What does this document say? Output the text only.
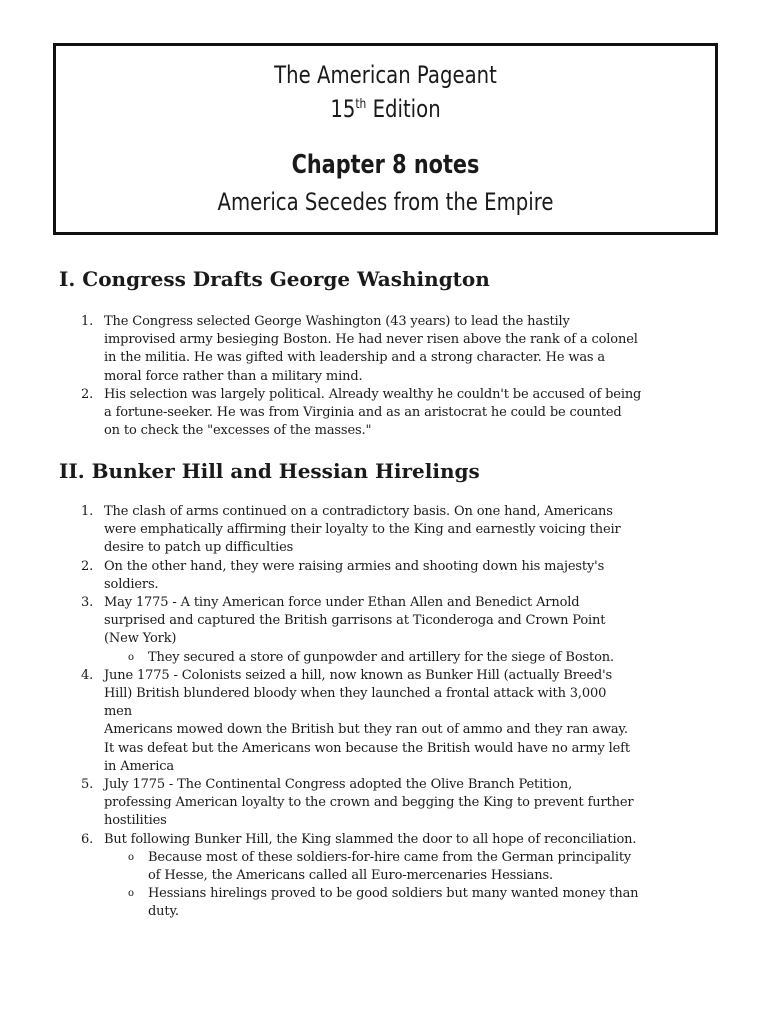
The American Pageant
15th Edition
Chapter 8 notes
America Secedes from the Empire
I. Congress Drafts George Washington
1. The Congress selected George Washington (43 years) to lead the hastily
improvised army besieging Boston. He had never risen above the rank of a colonel
in the militia. He was gifted with leadership and a strong character. He was a
moral force rather than a military mind.
2. His selection was largely political. Already wealthy he couldn't be accused of being
a fortune-seeker. He was from Virginia and as an aristocrat he could be counted
on to check the "excesses of the masses."
II. Bunker Hill and Hessian Hirelings
1. The clash of arms continued on a contradictory basis. On one hand, Americans
were emphatically affirming their loyalty to the King and earnestly voicing their
desire to patch up difficulties
2. On the other hand, they were raising armies and shooting down his majesty's
soldiers.
3. May 1775 - A tiny American force under Ethan Allen and Benedict Arnold
surprised and captured the British garrisons at Ticonderoga and Crown Point
(New York)
o They secured a store of gunpowder and artillery for the siege of Boston.
4. June 1775 - Colonists seized a hill, now known as Bunker Hill (actually Breed's
Hill) British blundered bloody when they launched a frontal attack with 3,000
men
Americans mowed down the British but they ran out of ammo and they ran away.
It was defeat but the Americans won because the British would have no army left
in America
5. July 1775 - The Continental Congress adopted the Olive Branch Petition,
professing American loyalty to the crown and begging the King to prevent further
hostilities
6. But following Bunker Hill, the King slammed the door to all hope of reconciliation.
o Because most of these soldiers-for-hire came from the German principality
of Hesse, the Americans called all Euro-mercenaries Hessians.
o Hessians hirelings proved to be good soldiers but many wanted money than
duty.
